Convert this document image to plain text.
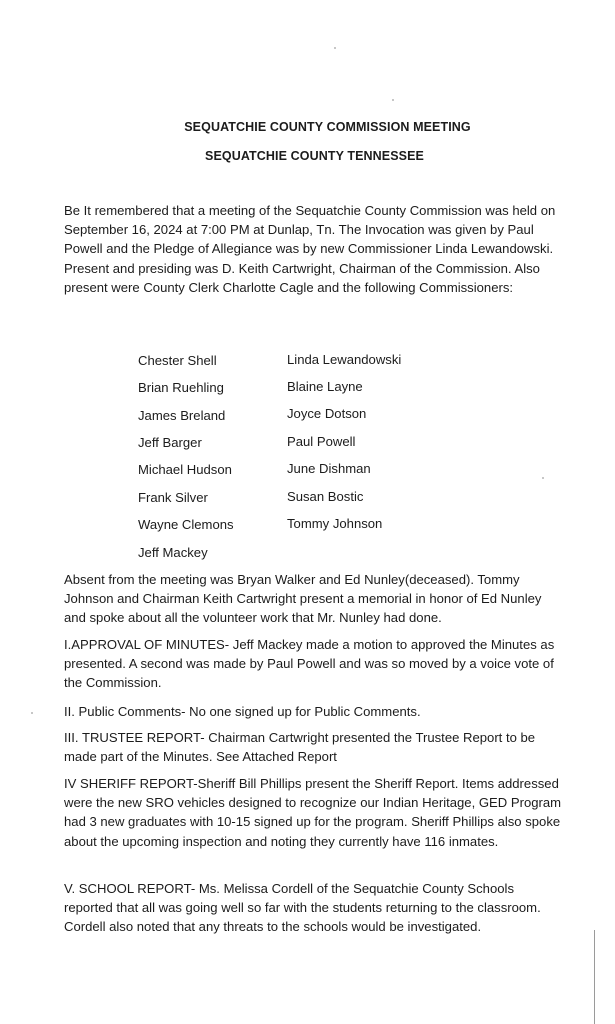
SEQUATCHIE COUNTY COMMISSION MEETING
SEQUATCHIE COUNTY TENNESSEE

Be It remembered that a meeting of the Sequatchie County Commission was held on September 16, 2024 at 7:00 PM at Dunlap, Tn. The Invocation was given by Paul Powell and the Pledge of Allegiance was by new Commissioner Linda Lewandowski. Present and presiding was D. Keith Cartwright, Chairman of the Commission. Also present were County Clerk Charlotte Cagle and the following Commissioners:

Chester Shell
Brian Ruehling
James Breland
Jeff Barger
Michael Hudson
Frank Silver
Wayne Clemons
Jeff Mackey
Linda Lewandowski
Blaine Layne
Joyce Dotson
Paul Powell
June Dishman
Susan Bostic
Tommy Johnson

Absent from the meeting was Bryan Walker and Ed Nunley(deceased). Tommy Johnson and Chairman Keith Cartwright present a memorial in honor of Ed Nunley and spoke about all the volunteer work that Mr. Nunley had done.

I.APPROVAL OF MINUTES- Jeff Mackey made a motion to approved the Minutes as presented. A second was made by Paul Powell and was so moved by a voice vote of the Commission.

II. Public Comments- No one signed up for Public Comments.

III. TRUSTEE REPORT- Chairman Cartwright presented the Trustee Report to be made part of the Minutes. See Attached Report

IV SHERIFF REPORT-Sheriff Bill Phillips present the Sheriff Report. Items addressed were the new SRO vehicles designed to recognize our Indian Heritage, GED Program had 3 new graduates with 10-15 signed up for the program. Sheriff Phillips also spoke about the upcoming inspection and noting they currently have 116 inmates.

V. SCHOOL REPORT- Ms. Melissa Cordell of the Sequatchie County Schools reported that all was going well so far with the students returning to the classroom. Cordell also noted that any threats to the schools would be investigated.
